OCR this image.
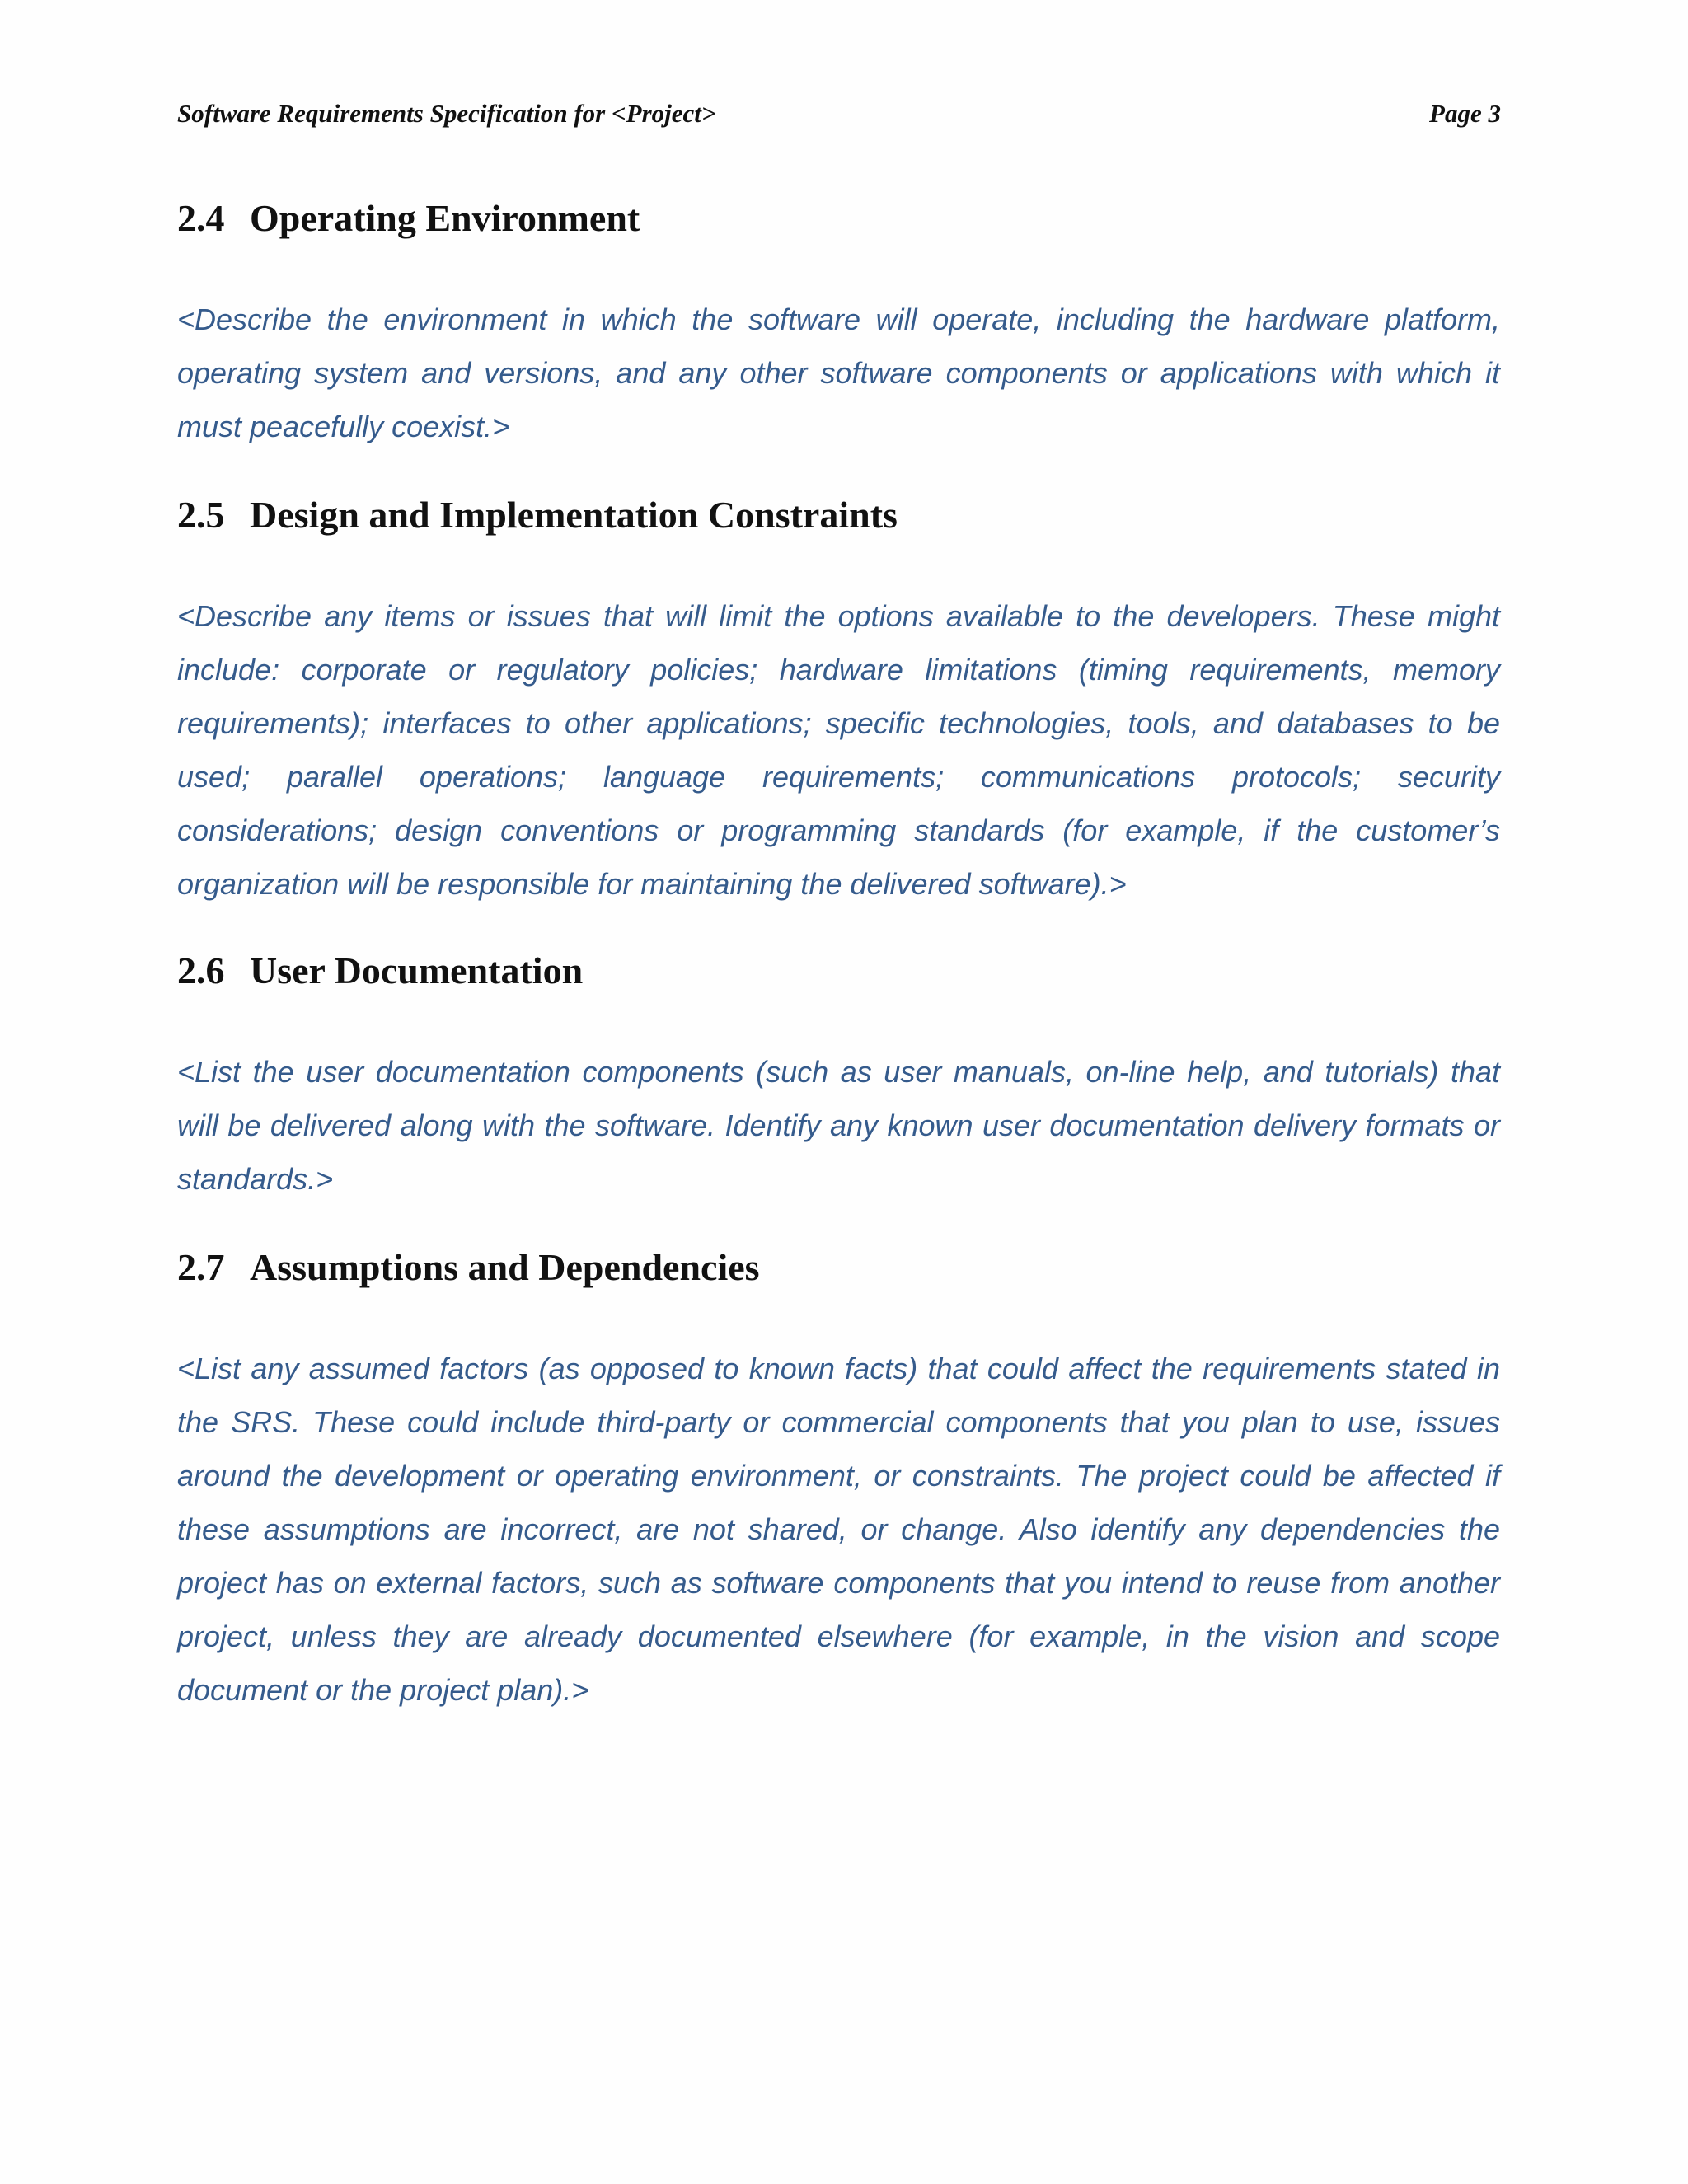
Software Requirements Specification for <Project>	Page 3
2.4 Operating Environment

<Describe the environment in which the software will operate, including the hardware platform, operating system and versions, and any other software components or applications with which it must peacefully coexist.>

2.5 Design and Implementation Constraints

<Describe any items or issues that will limit the options available to the developers. These might include: corporate or regulatory policies; hardware limitations (timing requirements, memory requirements); interfaces to other applications; specific technologies, tools, and databases to be used; parallel operations; language requirements; communications protocols; security considerations; design conventions or programming standards (for example, if the customer’s organization will be responsible for maintaining the delivered software).>

2.6 User Documentation

<List the user documentation components (such as user manuals, on-line help, and tutorials) that will be delivered along with the software. Identify any known user documentation delivery formats or standards.>

2.7 Assumptions and Dependencies

<List any assumed factors (as opposed to known facts) that could affect the requirements stated in the SRS. These could include third-party or commercial components that you plan to use, issues around the development or operating environment, or constraints. The project could be affected if these assumptions are incorrect, are not shared, or change. Also identify any dependencies the project has on external factors, such as software components that you intend to reuse from another project, unless they are already documented elsewhere (for example, in the vision and scope document or the project plan).>
